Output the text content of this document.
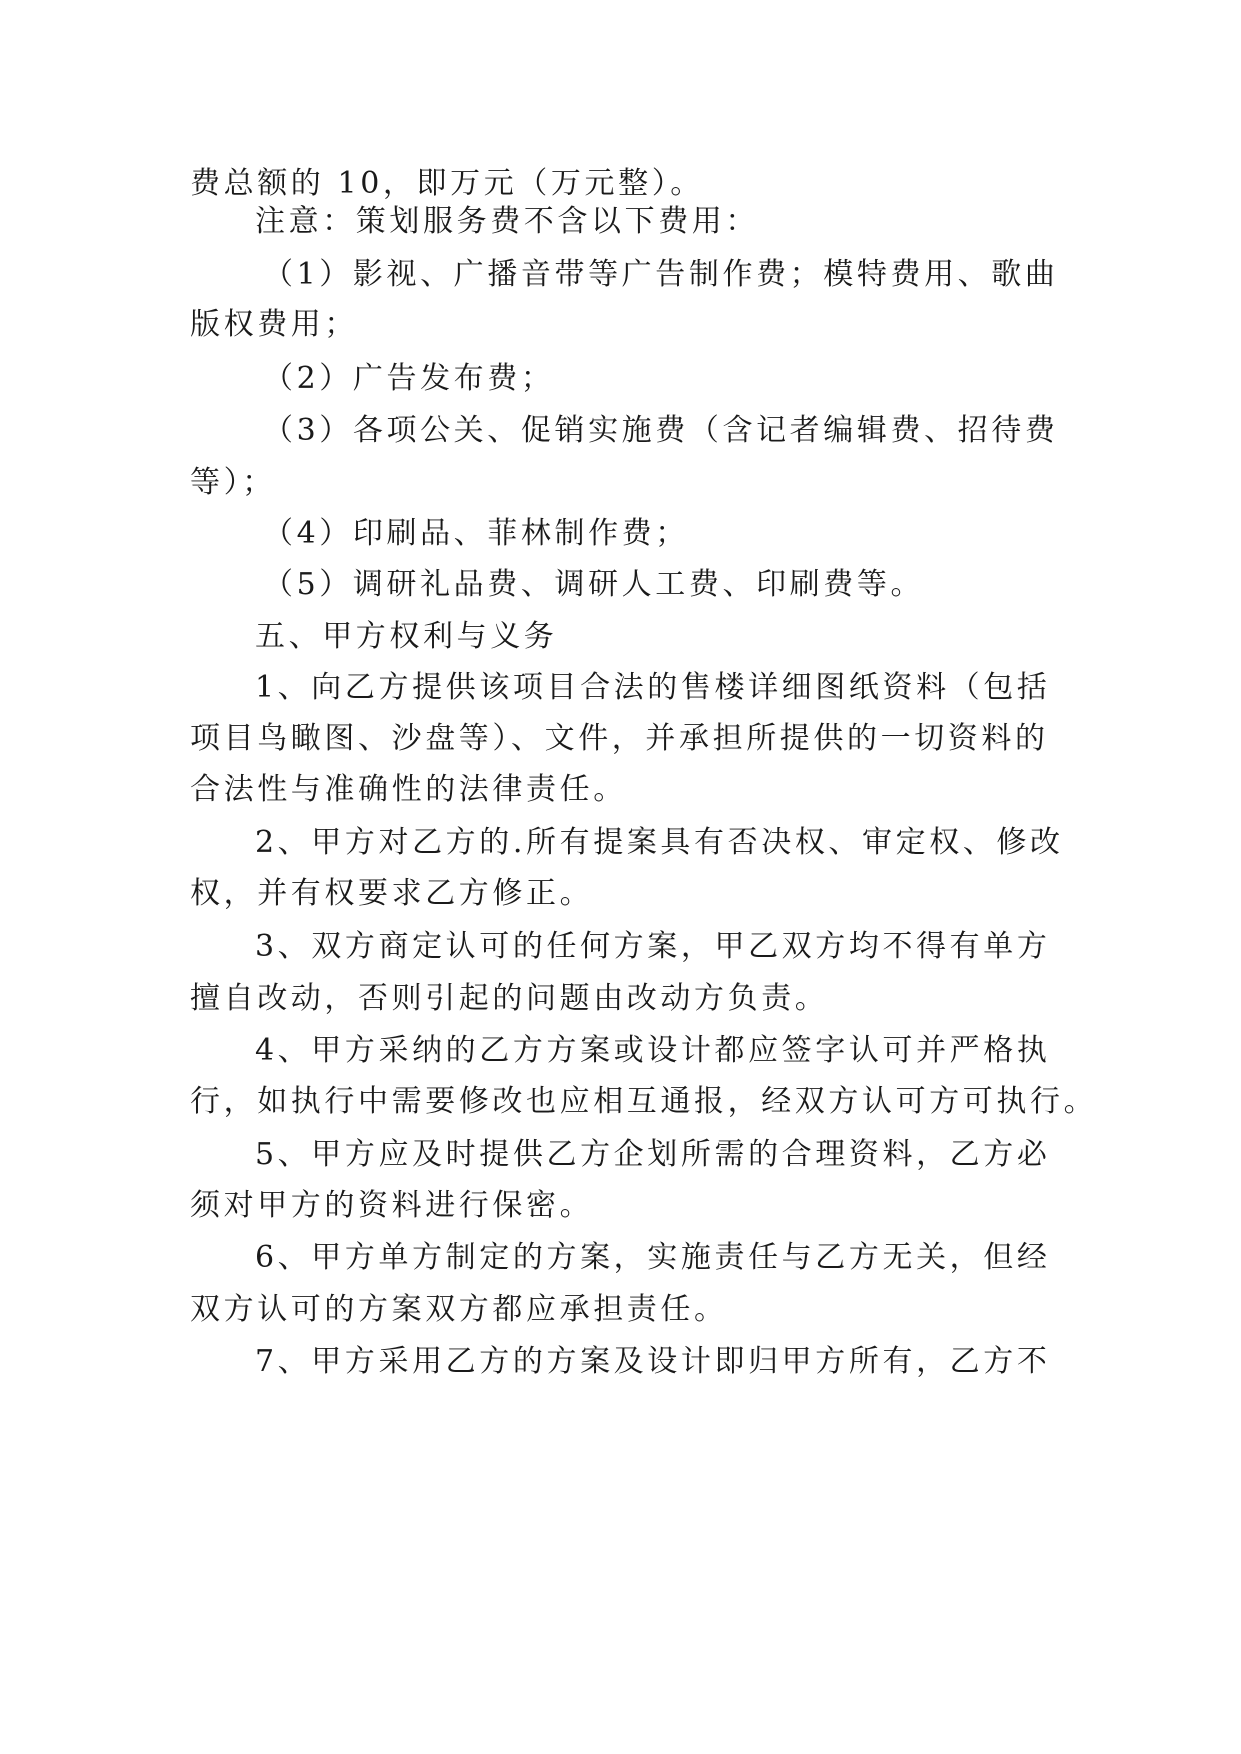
费总额的 10，即万元（万元整）。
注意：策划服务费不含以下费用：
（1）影视、广播音带等广告制作费；模特费用、歌曲
版权费用；
（2）广告发布费；
（3）各项公关、促销实施费（含记者编辑费、招待费
等）；
（4）印刷品、菲林制作费；
（5）调研礼品费、调研人工费、印刷费等。
五、甲方权利与义务
1、向乙方提供该项目合法的售楼详细图纸资料（包括
项目鸟瞰图、沙盘等）、文件，并承担所提供的一切资料的
合法性与准确性的法律责任。
2、甲方对乙方的.所有提案具有否决权、审定权、修改
权，并有权要求乙方修正。
3、双方商定认可的任何方案，甲乙双方均不得有单方
擅自改动，否则引起的问题由改动方负责。
4、甲方采纳的乙方方案或设计都应签字认可并严格执
行，如执行中需要修改也应相互通报，经双方认可方可执行。
5、甲方应及时提供乙方企划所需的合理资料，乙方必
须对甲方的资料进行保密。
6、甲方单方制定的方案，实施责任与乙方无关，但经
双方认可的方案双方都应承担责任。
7、甲方采用乙方的方案及设计即归甲方所有，乙方不
